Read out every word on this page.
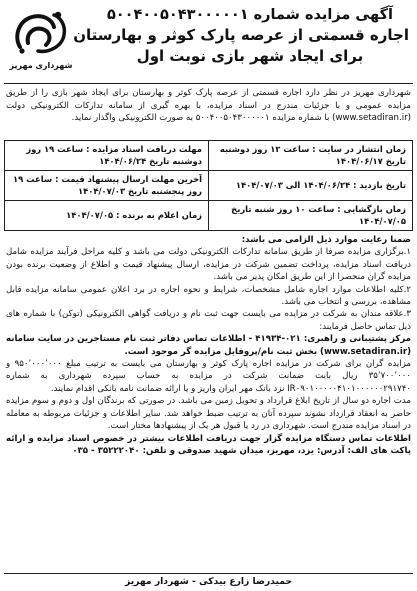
آگهی مزایده شماره ۵۰۰۴۰۰۵۰۴۳۰۰۰۰۰۱
اجاره قسمتی از عرصه پارک کوثر و بهارستان
برای ایجاد شهر بازی نوبت اول
شهرداری مهریز
شهرداری مهریز در نظر دارد اجاره قسمتی از عرصه پارک کوثر و بهارستان برای ایجاد شهر بازی را از طریق مزایده عمومی و با جزئیات مندرج در اسناد مزایده، با بهره گیری از سامانه تدارکات الکترونیکی دولت (www.setadiran.ir) با شماره مزایده ۵۰۰۴۰۰۵۰۴۳۰۰۰۰۰۱ به صورت الکترونیکی واگذار نماید.
زمان انتشار در سایت : ساعت ۱۲ روز دوشنبه تاریخ ۱۴۰۴/۰۶/۱۷	مهلت دریافت اسناد مزایده : ساعت ۱۹ روز دوشنبه تاریخ ۱۴۰۴/۰۶/۲۴
تاریخ بازدید : ۱۴۰۴/۰۶/۲۴ الی ۱۴۰۴/۰۷/۰۳	آخرین مهلت ارسال پیشنهاد قیمت : ساعت ۱۹ روز پنجشنبه تاریخ ۱۴۰۴/۰۷/۰۳
زمان بازگشایی : ساعت ۱۰ روز شنبه تاریخ ۱۴۰۴/۰۷/۰۵	زمان اعلام به برنده : ۱۴۰۴/۰۷/۰۵

ضمنا رعایت موارد ذیل الزامی می باشد:

۱.برگزاری مزایده صرفا از طریق سامانه تدارکات الکترونیکی دولت می باشد و کلیه مراحل فرآیند مزایده شامل دریافت اسناد مزایده، پرداخت تضمین شرکت در مزایده، ارسال پیشنهاد قیمت و اطلاع از وضعیت برنده بودن مزایده گران منحصرا از این طریق امکان پذیر می باشد.

۲.کلیه اطلاعات موارد اجاره شامل مشخصات، شرایط و نحوه اجاره در برد اعلان عمومی سامانه مزایده قابل مشاهده، بررسی و انتخاب می باشد.

۳.علاقه مندان به شرکت در مزایده می بایست جهت ثبت نام و دریافت گواهی الکترونیکی (توکن) با شماره های ذیل تماس حاصل فرمایند:

مرکز پشتیبانی و راهبری: ۰۲۱-۴۱۹۳۴ - اطلاعات تماس دفاتر ثبت نام مستاجرین در سایت سامانه (www.setadiran.ir) بخش ثبت نام/پروفایل مزایده گر موجود است.

مزایده گران برای شرکت در مزایده اجاره پارک کوثر و بهارستان می بایست به ترتیب مبلغ ۹۵۰٬۰۰۰٬۰۰۰ و ۳۵٬۷۰۰٬۰۰۰ ریال بابت ضمانت شرکت در مزایده به حساب سپرده شهرداری به شماره IR۰۹۰۱۰۰۰۰۰۴۱۰۱۰۰۰۰۰۰۲۹۱۷۴۰ نزد بانک مهر ایران واریز و یا ارائه ضمانت نامه بانکی اقدام نمایند.

مدت اجاره دو سال از تاریخ ابلاغ قرارداد و تحویل زمین می باشد. در صورتی که برندگان اول و دوم و سوم مزایده حاضر به انعقاد قرارداد نشوند سپرده آنان به ترتیب ضبط خواهد شد. سایر اطلاعات و جزئیات مربوطه به معامله در اسناد مزایده مندرج است. شهرداری در رد یا قبول هر یک از پیشنهادها مختار است.

اطلاعات تماس دستگاه مزایده گزار جهت دریافت اطلاعات بیشتر در خصوص اسناد مزایده و ارائه پاکت های الف: آدرس: یزد، مهریز، میدان شهید صدوقی و تلفن: ۳۵۲۲۲۰۴۰ - ۰۳۵

حمیدرضا زارع بیدکی - شهردار مهریز
